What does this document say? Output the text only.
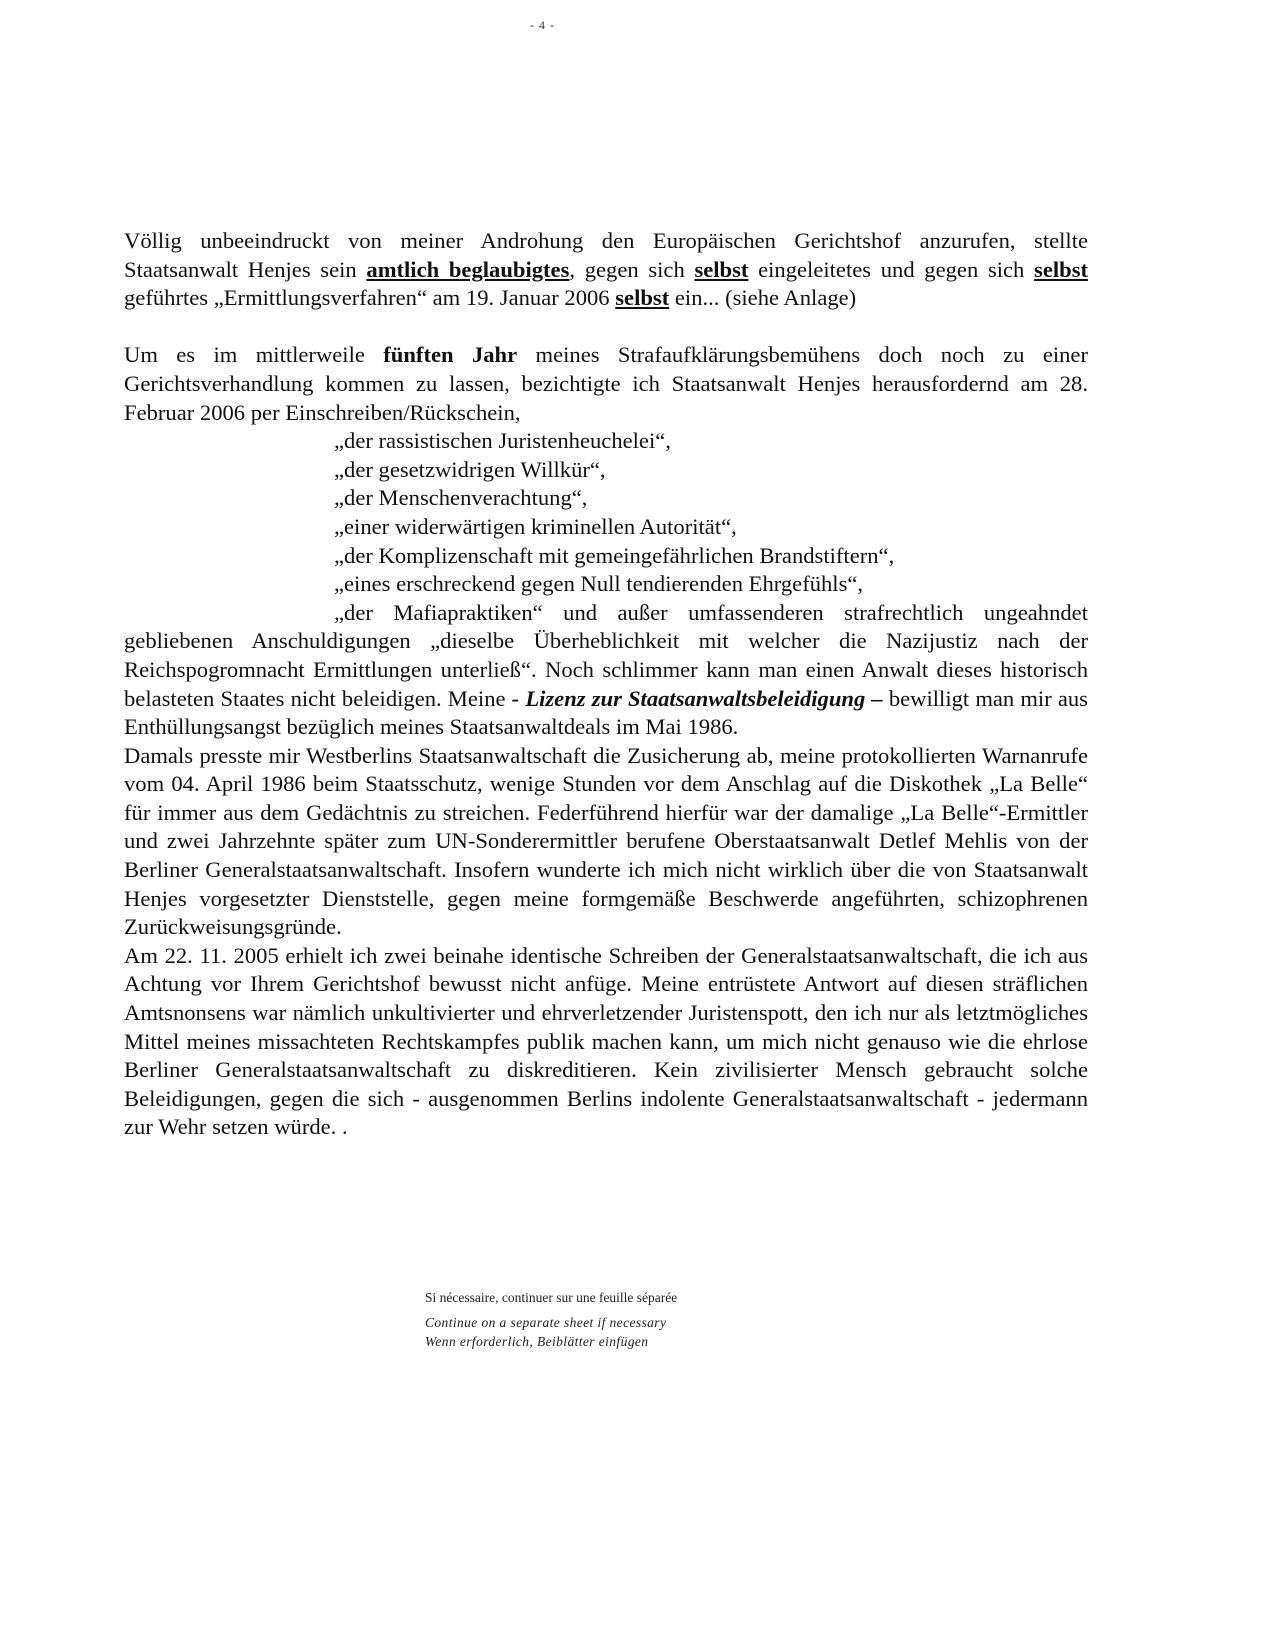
- 4 -

Völlig unbeeindruckt von meiner Androhung den Europäischen Gerichtshof anzurufen, stellte Staatsanwalt Henjes sein amtlich beglaubigtes, gegen sich selbst eingeleitetes und gegen sich selbst geführtes „Ermittlungsverfahren“ am 19. Januar 2006 selbst ein... (siehe Anlage)

Um es im mittlerweile fünften Jahr meines Strafaufklärungsbemühens doch noch zu einer Gerichtsverhandlung kommen zu lassen, bezichtigte ich Staatsanwalt Henjes herausfordernd am 28. Februar 2006 per Einschreiben/Rückschein,

„der rassistischen Juristenheuchelei“,
„der gesetzwidrigen Willkür“,
„der Menschenverachtung“,
„einer widerwärtigen kriminellen Autorität“,
„der Komplizenschaft mit gemeingefährlichen Brandstiftern“,
„eines erschreckend gegen Null tendierenden Ehrgefühls“,

„der Mafiapraktiken“ und außer umfassenderen strafrechtlich ungeahndet

gebliebenen Anschuldigungen „dieselbe Überheblichkeit mit welcher die Nazijustiz nach der Reichspogromnacht Ermittlungen unterließ“. Noch schlimmer kann man einen Anwalt dieses historisch belasteten Staates nicht beleidigen. Meine - Lizenz zur Staatsanwaltsbeleidigung – bewilligt man mir aus Enthüllungsangst bezüglich meines Staatsanwaltdeals im Mai 1986.

Damals presste mir Westberlins Staatsanwaltschaft die Zusicherung ab, meine protokollierten Warnanrufe vom 04. April 1986 beim Staatsschutz, wenige Stunden vor dem Anschlag auf die Diskothek „La Belle“ für immer aus dem Gedächtnis zu streichen. Federführend hierfür war der damalige „La Belle“-Ermittler und zwei Jahrzehnte später zum UN-Sonderermittler berufene Oberstaatsanwalt Detlef Mehlis von der Berliner Generalstaatsanwaltschaft. Insofern wunderte ich mich nicht wirklich über die von Staatsanwalt Henjes vorgesetzter Dienststelle, gegen meine formgemäße Beschwerde angeführten, schizophrenen Zurückweisungsgründe.

Am 22. 11. 2005 erhielt ich zwei beinahe identische Schreiben der Generalstaatsanwaltschaft, die ich aus Achtung vor Ihrem Gerichtshof bewusst nicht anfüge. Meine entrüstete Antwort auf diesen sträflichen Amtsnonsens war nämlich unkultivierter und ehrverletzender Juristenspott, den ich nur als letztmögliches Mittel meines missachteten Rechtskampfes publik machen kann, um mich nicht genauso wie die ehrlose Berliner Generalstaatsanwaltschaft zu diskreditieren. Kein zivilisierter Mensch gebraucht solche Beleidigungen, gegen die sich - ausgenommen Berlins indolente Generalstaatsanwaltschaft - jedermann zur Wehr setzen würde. .

Si nécessaire, continuer sur une feuille séparée

Continue on a separate sheet if necessary

Wenn erforderlich, Beiblätter einfügen
